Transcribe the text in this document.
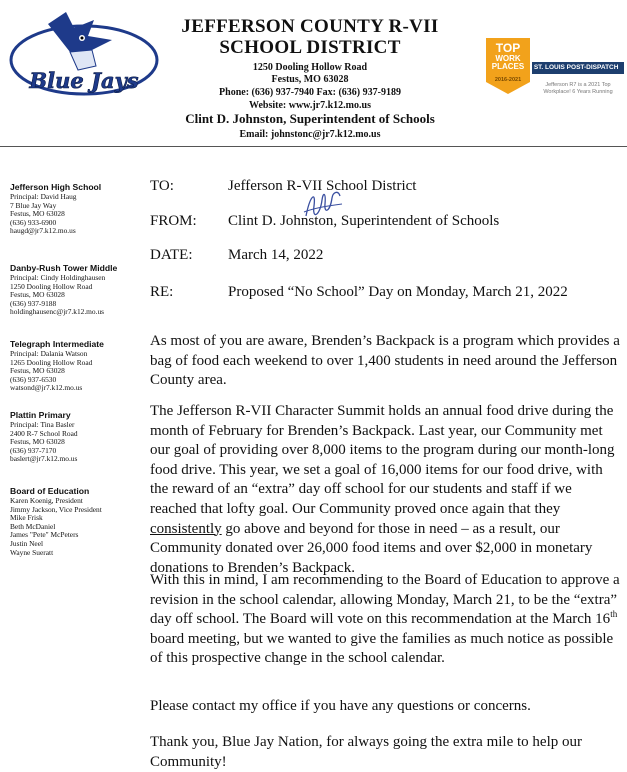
Blue Jays
JEFFERSON COUNTY R-VII
SCHOOL DISTRICT
1250 Dooling Hollow Road
Festus, MO 63028
Phone: (636) 937-7940 Fax: (636) 937-9189
Website: www.jr7.k12.mo.us
Clint D. Johnston, Superintendent of Schools
Email: johnstonc@jr7.k12.mo.us
TOP
WORK
PLACES
2016-2021
ST. LOUIS POST-DISPATCH
Jefferson R7 is a 2021 Top Workplace! 6 Years Running
Jefferson High School
Principal: David Haug
7 Blue Jay Way
Festus, MO 63028
(636) 933-6900
haugd@jr7.k12.mo.us
Danby-Rush Tower Middle
Principal: Cindy Holdinghausen
1250 Dooling Hollow Road
Festus, MO 63028
(636) 937-9188
holdinghausenc@jr7.k12.mo.us
Telegraph Intermediate
Principal: Dalania Watson
1265 Dooling Hollow Road
Festus, MO 63028
(636) 937-6530
watsond@jr7.k12.mo.us
Plattin Primary
Principal: Tina Basler
2400 R-7 School Road
Festus, MO 63028
(636) 937-7170
baslert@jr7.k12.mo.us
Board of Education
Karen Koenig, President
Jimmy Jackson, Vice President
Mike Frisk
Beth McDaniel
James "Pete" McPeters
Justin Neel
Wayne Sueratt
TO:	Jefferson R-VII School District
FROM: Clint D. Johnston, Superintendent of Schools
DATE: March 14, 2022
RE:	Proposed “No School” Day on Monday, March 21, 2022
As most of you are aware, Brenden’s Backpack is a program which provides a bag of food each weekend to over 1,400 students in need around the Jefferson County area.
The Jefferson R-VII Character Summit holds an annual food drive during the month of February for Brenden’s Backpack. Last year, our Community met our goal of providing over 8,000 items to the program during our month-long food drive. This year, we set a goal of 16,000 items for our food drive, with the reward of an “extra” day off school for our students and staff if we reached that lofty goal. Our Community proved once again that they consistently go above and beyond for those in need – as a result, our Community donated over 26,000 food items and over $2,000 in monetary donations to Brenden’s Backpack.
With this in mind, I am recommending to the Board of Education to approve a revision in the school calendar, allowing Monday, March 21, to be the “extra” day off school. The Board will vote on this recommendation at the March 16th board meeting, but we wanted to give the families as much notice as possible of this prospective change in the school calendar.
Please contact my office if you have any questions or concerns.
Thank you, Blue Jay Nation, for always going the extra mile to help our Community!
